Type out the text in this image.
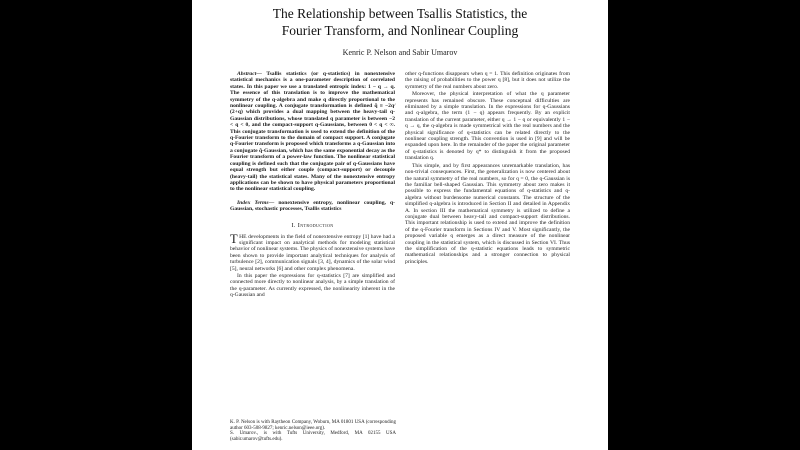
The Relationship between Tsallis Statistics, the
Fourier Transform, and Nonlinear Coupling
Kenric P. Nelson and Sabir Umarov

Abstract— Tsallis statistics (or q-statistics) in nonextensive statistical mechanics is a one-parameter description of correlated states. In this paper we use a translated entropic index: 1 − q → q. The essence of this translation is to improve the mathematical symmetry of the q-algebra and make q directly proportional to the nonlinear coupling. A conjugate transformation is defined q̂ ≡ −2q⁄(2+q) which provides a dual mapping between the heavy-tail q-Gaussian distributions, whose translated q parameter is between −2 < q < 0, and the compact-support q-Gaussians, between 0 < q < ∞. This conjugate transformation is used to extend the definition of the q-Fourier transform to the domain of compact support. A conjugate q-Fourier transform is proposed which transforms a q-Gaussian into a conjugate q̂-Gaussian, which has the same exponential decay as the Fourier transform of a power-law function. The nonlinear statistical coupling is defined such that the conjugate pair of q-Gaussians have equal strength but either couple (compact-support) or decouple (heavy-tail) the statistical states. Many of the nonextensive entropy applications can be shown to have physical parameters proportional to the nonlinear statistical coupling.

Index Terms— nonextensive entropy, nonlinear coupling, q-Gaussian, stochastic processes, Tsallis statistics

I. Introduction

THE developments in the field of nonextensive entropy [1] have had a significant impact on analytical methods for modeling statistical behavior of nonlinear systems. The physics of nonextensive systems have been shown to provide important analytical techniques for analysis of turbulence [2], communication signals [3, 4], dynamics of the solar wind [5], neural networks [6] and other complex phenomena.

In this paper the expressions for q-statistics [7] are simplified and connected more directly to nonlinear analysis, by a simple translation of the q-parameter. As currently expressed, the nonlinearity inherent in the q-Gaussian and

other q-functions disappears when q = 1. This definition originates from the raising of probabilities to the power q [8], but it does not utilize the symmetry of the real numbers about zero.

Moreover, the physical interpretation of what the q parameter represents has remained obscure. These conceptual difficulties are eliminated by a simple translation. In the expressions for q-Gaussians and q-algebra, the term (1 − q) appears frequently. By an explicit translation of the current parameter, either q → 1 − q or equivalently 1 − q → q, the q-algebra is made symmetrical with the real numbers and the physical significance of q-statistics can be related directly to the nonlinear coupling strength. This convention is used in [9] and will be expanded upon here. In the remainder of the paper the original parameter of q-statistics is denoted by q* to distinguish it from the proposed translation q.

This simple, and by first appearances unremarkable translation, has non-trivial consequences. First, the generalization is now centered about the natural symmetry of the real numbers, so for q = 0, the q-Gaussian is the familiar bell-shaped Gaussian. This symmetry about zero makes it possible to express the fundamental equations of q-statistics and q-algebra without burdensome numerical constants. The structure of the simplified q-algebra is introduced in Section II and detailed in Appendix A. In section III the mathematical symmetry is utilized to define a conjugate dual between heavy-tail and compact-support distributions. This important relationship is used to extend and improve the definition of the q-Fourier transform in Sections IV and V. Most significantly, the proposed variable q emerges as a direct measure of the nonlinear coupling in the statistical system, which is discussed in Section VI. Thus the simplification of the q-statistic equations leads to symmetric mathematical relationships and a stronger connection to physical principles.

K. P. Nelson is with Raytheon Company, Woburn, MA 01801 USA (corresponding author 603-508-9827; kenric.nelson@ieee.org).

S. Umarov., is with Tufts University, Medford, MA 02155 USA (sabir.umarov@tufts.edu).
